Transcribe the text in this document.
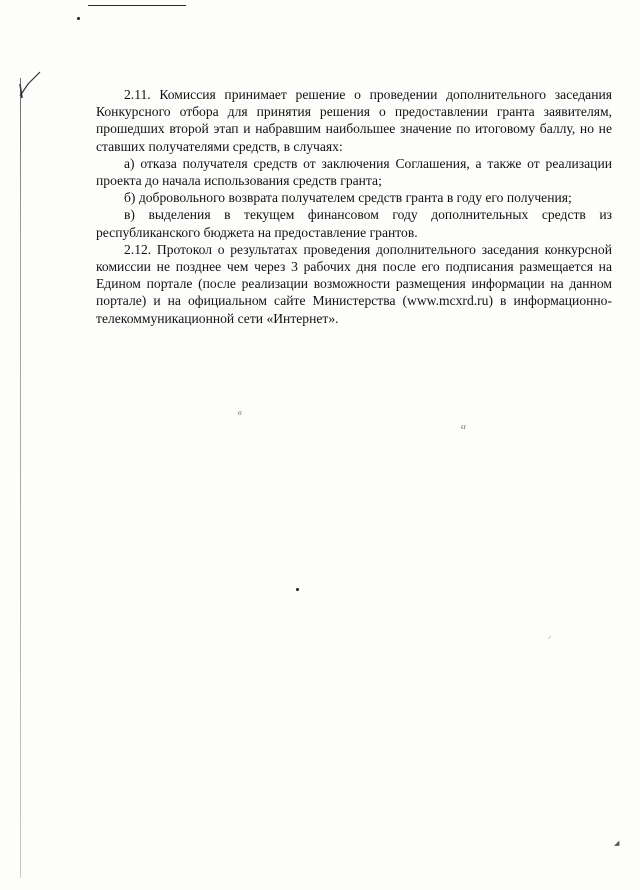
2.11. Комиссия принимает решение о проведении дополнительного заседания Конкурсного отбора для принятия решения о предоставлении гранта заявителям, прошедших второй этап и набравшим наибольшее значение по итоговому баллу, но не ставших получателями средств, в случаях:

а) отказа получателя средств от заключения Соглашения, а также от реализации проекта до начала использования средств гранта;

б) добровольного возврата получателем средств гранта в году его получения;

в) выделения в текущем финансовом году дополнительных средств из республиканского бюджета на предоставление грантов.

2.12. Протокол о результатах проведения дополнительного заседания конкурсной комиссии не позднее чем через 3 рабочих дня после его подписания размещается на Едином портале (после реализации возможности размещения информации на данном портале) и на официальном сайте Министерства (www.mcxrd.ru) в информационно-телекоммуникационной сети «Интернет».

σ
ϵr
⸝
◢
